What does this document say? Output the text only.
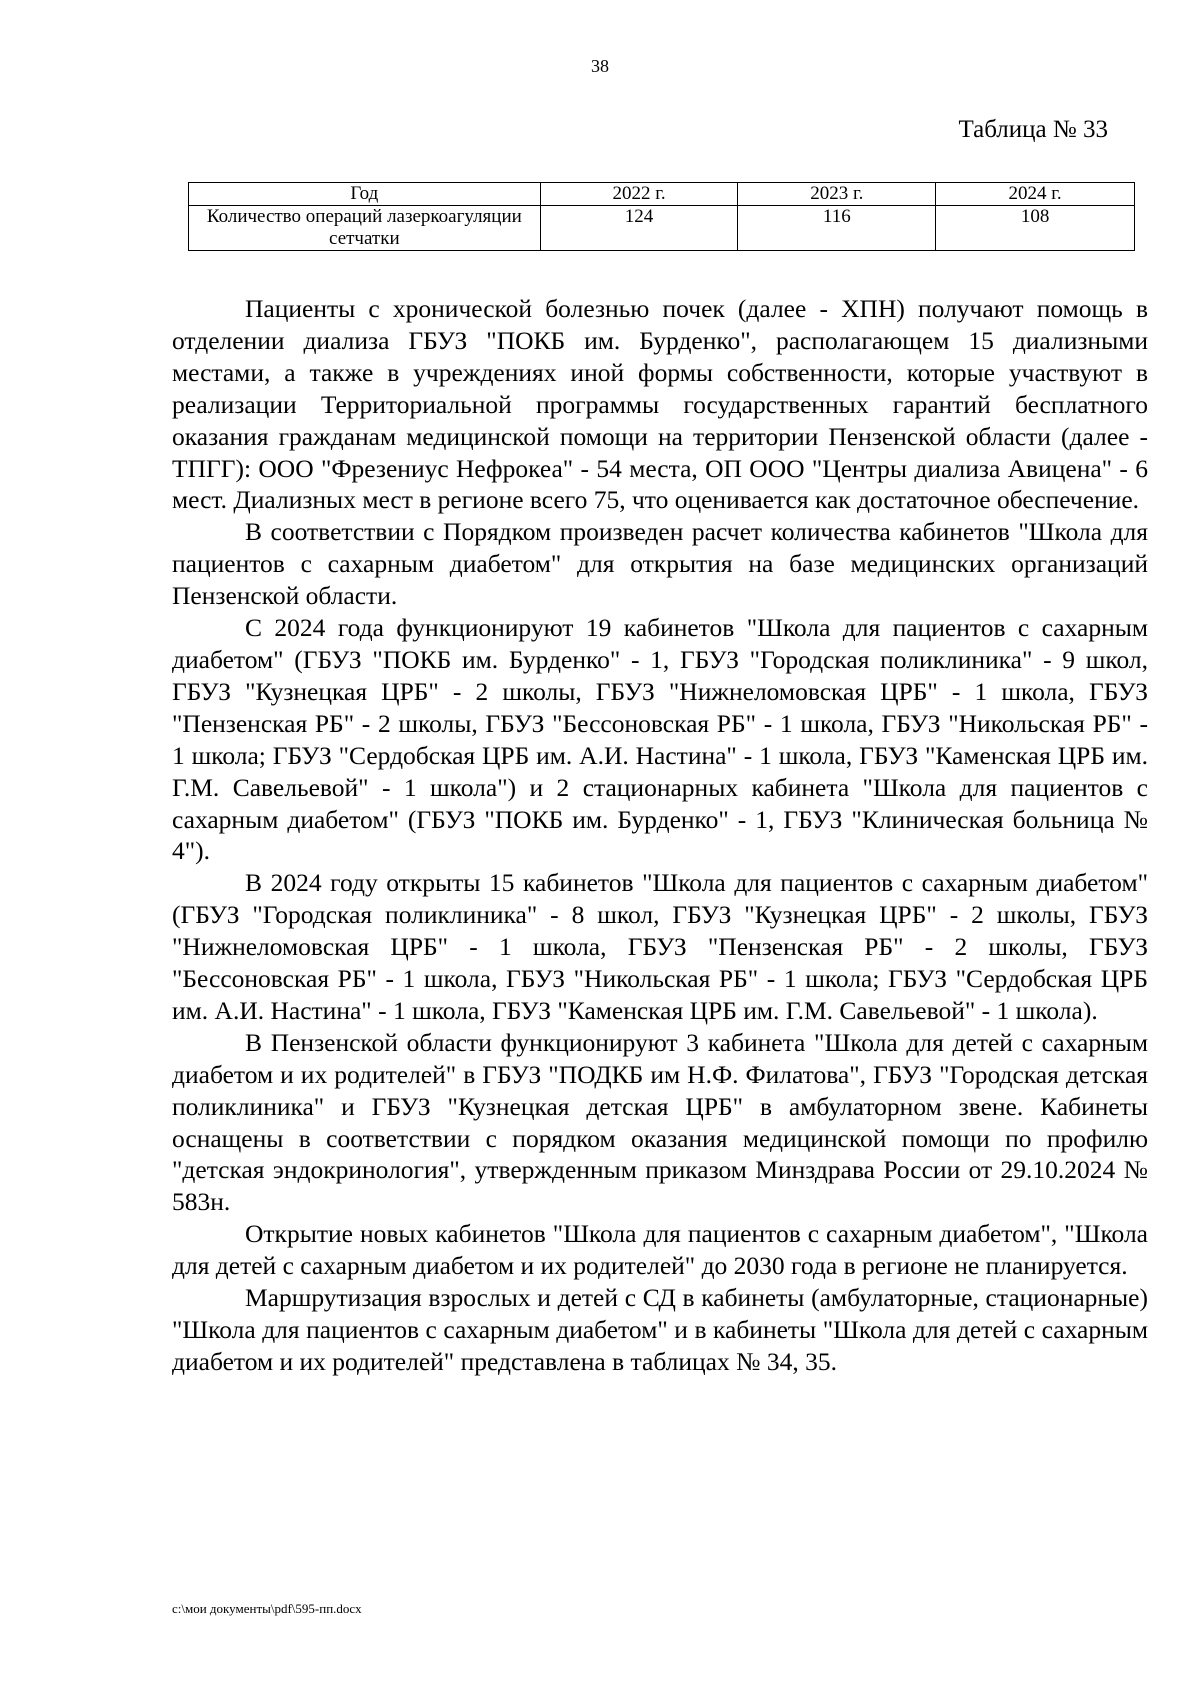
38
Таблица № 33
Год	2022 г.	2023 г.	2024 г.
Количество операций лазеркоагуляции сетчатки	124	116	108

Пациенты с хронической болезнью почек (далее - ХПН) получают помощь в отделении диализа ГБУЗ "ПОКБ им. Бурденко", располагающем 15 диализными местами, а также в учреждениях иной формы собственности, которые участвуют в реализации Территориальной программы государственных гарантий бесплатного оказания гражданам медицинской помощи на территории Пензенской области (далее - ТПГГ): ООО "Фрезениус Нефрокеа" - 54 места, ОП ООО "Центры диализа Авицена" - 6 мест. Диализных мест в регионе всего 75, что оценивается как достаточное обеспечение.

В соответствии с Порядком произведен расчет количества кабинетов "Школа для пациентов с сахарным диабетом" для открытия на базе медицинских организаций Пензенской области.

С 2024 года функционируют 19 кабинетов "Школа для пациентов с сахарным диабетом" (ГБУЗ "ПОКБ им. Бурденко" - 1, ГБУЗ "Городская поликлиника" - 9 школ, ГБУЗ "Кузнецкая ЦРБ" - 2 школы, ГБУЗ "Нижнеломовская ЦРБ" - 1 школа, ГБУЗ "Пензенская РБ" - 2 школы, ГБУЗ "Бессоновская РБ" - 1 школа, ГБУЗ "Никольская РБ" - 1 школа; ГБУЗ "Сердобская ЦРБ им. А.И. Настина" - 1 школа, ГБУЗ "Каменская ЦРБ им. Г.М. Савельевой" - 1 школа") и 2 стационарных кабинета "Школа для пациентов с сахарным диабетом" (ГБУЗ "ПОКБ им. Бурденко" - 1, ГБУЗ "Клиническая больница № 4").

В 2024 году открыты 15 кабинетов "Школа для пациентов с сахарным диабетом" (ГБУЗ "Городская поликлиника" - 8 школ, ГБУЗ "Кузнецкая ЦРБ" - 2 школы, ГБУЗ "Нижнеломовская ЦРБ" - 1 школа, ГБУЗ "Пензенская РБ" - 2 школы, ГБУЗ "Бессоновская РБ" - 1 школа, ГБУЗ "Никольская РБ" - 1 школа; ГБУЗ "Сердобская ЦРБ им. А.И. Настина" - 1 школа, ГБУЗ "Каменская ЦРБ им. Г.М. Савельевой" - 1 школа).

В Пензенской области функционируют 3 кабинета "Школа для детей с сахарным диабетом и их родителей" в ГБУЗ "ПОДКБ им Н.Ф. Филатова", ГБУЗ "Городская детская поликлиника" и ГБУЗ "Кузнецкая детская ЦРБ" в амбулаторном звене. Кабинеты оснащены в соответствии с порядком оказания медицинской помощи по профилю "детская эндокринология", утвержденным приказом Минздрава России от 29.10.2024 № 583н.

Открытие новых кабинетов "Школа для пациентов с сахарным диабетом", "Школа для детей с сахарным диабетом и их родителей" до 2030 года в регионе не планируется.

Маршрутизация взрослых и детей с СД в кабинеты (амбулаторные, стационарные) "Школа для пациентов с сахарным диабетом" и в кабинеты "Школа для детей с сахарным диабетом и их родителей" представлена в таблицах № 34, 35.

c:\мои документы\pdf\595-пп.docx
